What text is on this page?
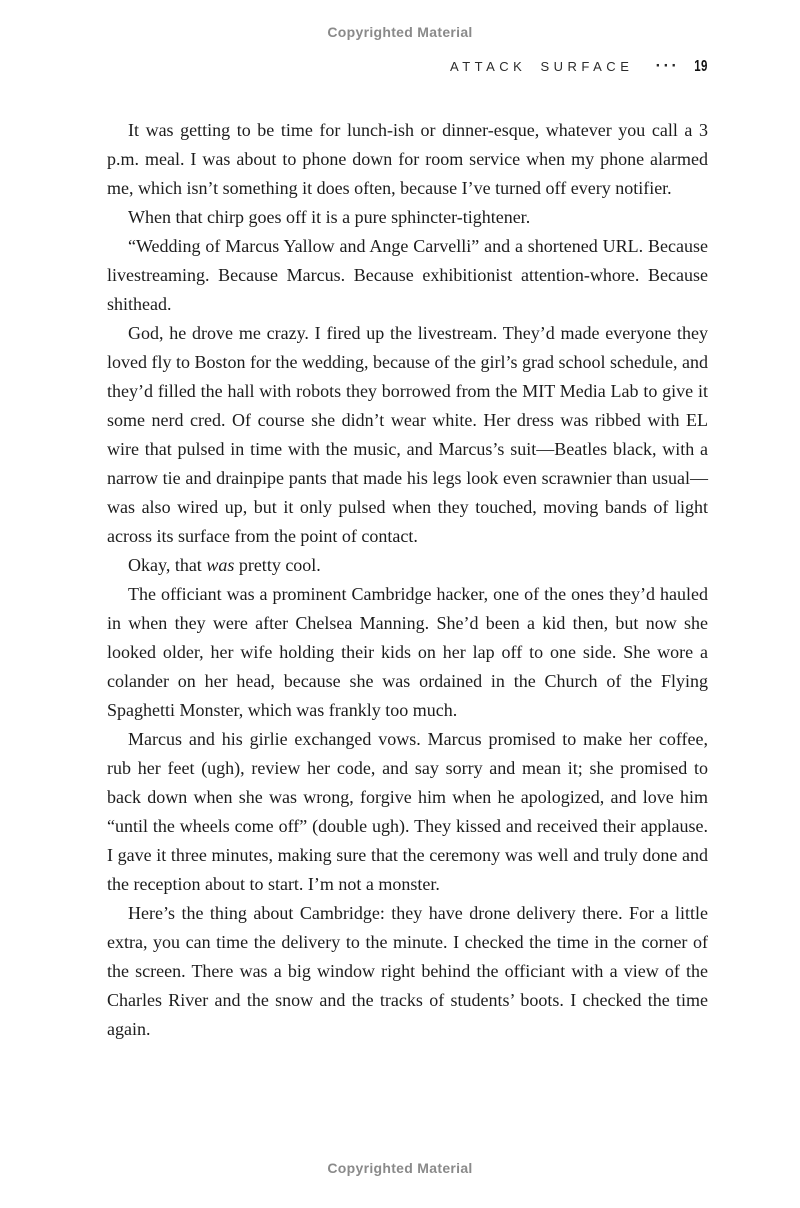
Copyrighted Material
ATTACK SURFACE ··· 19

It was getting to be time for lunch-ish or dinner-esque, whatever you call a 3 p.m. meal. I was about to phone down for room service when my phone alarmed me, which isn’t something it does often, because I’ve turned off every notifier.

When that chirp goes off it is a pure sphincter-tightener.

“Wedding of Marcus Yallow and Ange Carvelli” and a shortened URL. Because livestreaming. Because Marcus. Because exhibitionist attention-whore. Because shithead.

God, he drove me crazy. I fired up the livestream. They’d made everyone they loved fly to Boston for the wedding, because of the girl’s grad school schedule, and they’d filled the hall with robots they borrowed from the MIT Media Lab to give it some nerd cred. Of course she didn’t wear white. Her dress was ribbed with EL wire that pulsed in time with the music, and Marcus’s suit—Beatles black, with a narrow tie and drainpipe pants that made his legs look even scrawnier than usual—was also wired up, but it only pulsed when they touched, moving bands of light across its surface from the point of contact.

Okay, that was pretty cool.

The officiant was a prominent Cambridge hacker, one of the ones they’d hauled in when they were after Chelsea Manning. She’d been a kid then, but now she looked older, her wife holding their kids on her lap off to one side. She wore a colander on her head, because she was ordained in the Church of the Flying Spaghetti Monster, which was frankly too much.

Marcus and his girlie exchanged vows. Marcus promised to make her coffee, rub her feet (ugh), review her code, and say sorry and mean it; she promised to back down when she was wrong, forgive him when he apologized, and love him “until the wheels come off” (double ugh). They kissed and received their applause. I gave it three minutes, making sure that the ceremony was well and truly done and the reception about to start. I’m not a monster.

Here’s the thing about Cambridge: they have drone delivery there. For a little extra, you can time the delivery to the minute. I checked the time in the corner of the screen. There was a big window right behind the officiant with a view of the Charles River and the snow and the tracks of students’ boots. I checked the time again.

Copyrighted Material
